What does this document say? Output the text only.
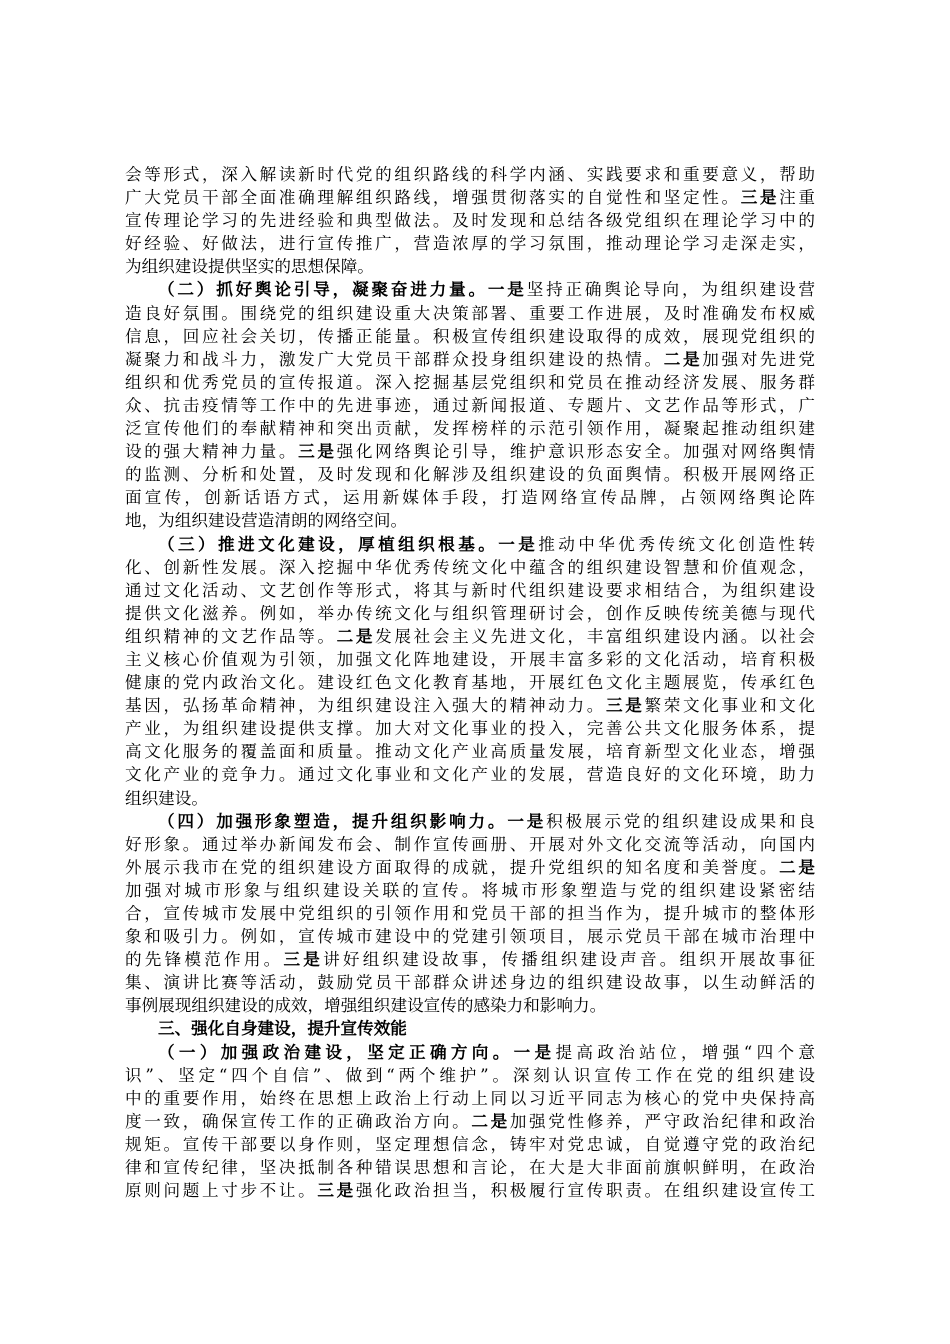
会等形式，深入解读新时代党的组织路线的科学内涵、实践要求和重要意义，帮助
广大党员干部全面准确理解组织路线，增强贯彻落实的自觉性和坚定性。三是注重
宣传理论学习的先进经验和典型做法。及时发现和总结各级党组织在理论学习中的
好经验、好做法，进行宣传推广，营造浓厚的学习氛围，推动理论学习走深走实，
为组织建设提供坚实的思想保障。
（二）抓好舆论引导，凝聚奋进力量。一是坚持正确舆论导向，为组织建设营
造良好氛围。围绕党的组织建设重大决策部署、重要工作进展，及时准确发布权威
信息，回应社会关切，传播正能量。积极宣传组织建设取得的成效，展现党组织的
凝聚力和战斗力，激发广大党员干部群众投身组织建设的热情。二是加强对先进党
组织和优秀党员的宣传报道。深入挖掘基层党组织和党员在推动经济发展、服务群
众、抗击疫情等工作中的先进事迹，通过新闻报道、专题片、文艺作品等形式，广
泛宣传他们的奉献精神和突出贡献，发挥榜样的示范引领作用，凝聚起推动组织建
设的强大精神力量。三是强化网络舆论引导，维护意识形态安全。加强对网络舆情
的监测、分析和处置，及时发现和化解涉及组织建设的负面舆情。积极开展网络正
面宣传，创新话语方式，运用新媒体手段，打造网络宣传品牌，占领网络舆论阵
地，为组织建设营造清朗的网络空间。
（三）推进文化建设，厚植组织根基。一是推动中华优秀传统文化创造性转
化、创新性发展。深入挖掘中华优秀传统文化中蕴含的组织建设智慧和价值观念，
通过文化活动、文艺创作等形式，将其与新时代组织建设要求相结合，为组织建设
提供文化滋养。例如，举办传统文化与组织管理研讨会，创作反映传统美德与现代
组织精神的文艺作品等。二是发展社会主义先进文化，丰富组织建设内涵。以社会
主义核心价值观为引领，加强文化阵地建设，开展丰富多彩的文化活动，培育积极
健康的党内政治文化。建设红色文化教育基地，开展红色文化主题展览，传承红色
基因，弘扬革命精神，为组织建设注入强大的精神动力。三是繁荣文化事业和文化
产业，为组织建设提供支撑。加大对文化事业的投入，完善公共文化服务体系，提
高文化服务的覆盖面和质量。推动文化产业高质量发展，培育新型文化业态，增强
文化产业的竞争力。通过文化事业和文化产业的发展，营造良好的文化环境，助力
组织建设。
（四）加强形象塑造，提升组织影响力。一是积极展示党的组织建设成果和良
好形象。通过举办新闻发布会、制作宣传画册、开展对外文化交流等活动，向国内
外展示我市在党的组织建设方面取得的成就，提升党组织的知名度和美誉度。二是
加强对城市形象与组织建设关联的宣传。将城市形象塑造与党的组织建设紧密结
合，宣传城市发展中党组织的引领作用和党员干部的担当作为，提升城市的整体形
象和吸引力。例如，宣传城市建设中的党建引领项目，展示党员干部在城市治理中
的先锋模范作用。三是讲好组织建设故事，传播组织建设声音。组织开展故事征
集、演讲比赛等活动，鼓励党员干部群众讲述身边的组织建设故事，以生动鲜活的
事例展现组织建设的成效，增强组织建设宣传的感染力和影响力。
三、强化自身建设，提升宣传效能
（一）加强政治建设，坚定正确方向。一是提高政治站位，增强“四个意
识”、坚定“四个自信”、做到“两个维护”。深刻认识宣传工作在党的组织建设
中的重要作用，始终在思想上政治上行动上同以习近平同志为核心的党中央保持高
度一致，确保宣传工作的正确政治方向。二是加强党性修养，严守政治纪律和政治
规矩。宣传干部要以身作则，坚定理想信念，铸牢对党忠诚，自觉遵守党的政治纪
律和宣传纪律，坚决抵制各种错误思想和言论，在大是大非面前旗帜鲜明，在政治
原则问题上寸步不让。三是强化政治担当，积极履行宣传职责。在组织建设宣传工
